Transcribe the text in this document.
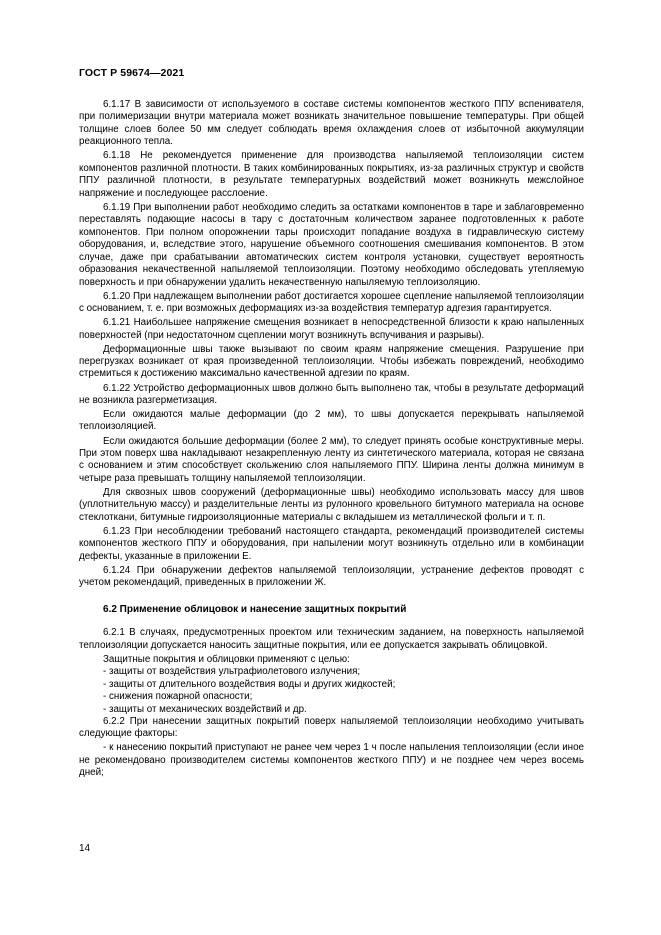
ГОСТ Р 59674—2021

6.1.17 В зависимости от используемого в составе системы компонентов жесткого ППУ вспенивателя, при полимеризации внутри материала может возникать значительное повышение температуры. При общей толщине слоев более 50 мм следует соблюдать время охлаждения слоев от избыточной аккумуляции реакционного тепла.

6.1.18 Не рекомендуется применение для производства напыляемой теплоизоляции систем компонентов различной плотности. В таких комбинированных покрытиях, из-за различных структур и свойств ППУ различной плотности, в результате температурных воздействий может возникнуть межслойное напряжение и последующее расслоение.

6.1.19 При выполнении работ необходимо следить за остатками компонентов в таре и заблаговременно переставлять подающие насосы в тару с достаточным количеством заранее подготовленных к работе компонентов. При полном опорожнении тары происходит попадание воздуха в гидравлическую систему оборудования, и, вследствие этого, нарушение объемного соотношения смешивания компонентов. В этом случае, даже при срабатывании автоматических систем контроля установки, существует вероятность образования некачественной напыляемой теплоизоляции. Поэтому необходимо обследовать утепляемую поверхность и при обнаружении удалить некачественную напыляемую теплоизоляцию.

6.1.20 При надлежащем выполнении работ достигается хорошее сцепление напыляемой теплоизоляции с основанием, т. е. при возможных деформациях из-за воздействия температур адгезия гарантируется.

6.1.21 Наибольшее напряжение смещения возникает в непосредственной близости к краю напыленных поверхностей (при недостаточном сцеплении могут возникнуть вспучивания и разрывы).

Деформационные швы также вызывают по своим краям напряжение смещения. Разрушение при перегрузках возникает от края произведенной теплоизоляции. Чтобы избежать повреждений, необходимо стремиться к достижению максимально качественной адгезии по краям.

6.1.22 Устройство деформационных швов должно быть выполнено так, чтобы в результате деформаций не возникла разгерметизация.

Если ожидаются малые деформации (до 2 мм), то швы допускается перекрывать напыляемой теплоизоляцией.

Если ожидаются большие деформации (более 2 мм), то следует принять особые конструктивные меры. При этом поверх шва накладывают незакрепленную ленту из синтетического материала, которая не связана с основанием и этим способствует скольжению слоя напыляемого ППУ. Ширина ленты должна минимум в четыре раза превышать толщину напыляемой теплоизоляции.

Для сквозных швов сооружений (деформационные швы) необходимо использовать массу для швов (уплотнительную массу) и разделительные ленты из рулонного кровельного битумного материала на основе стеклоткани, битумные гидроизоляционные материалы с вкладышем из металлической фольги и т. п.

6.1.23 При несоблюдении требований настоящего стандарта, рекомендаций производителей системы компонентов жесткого ППУ и оборудования, при напылении могут возникнуть отдельно или в комбинации дефекты, указанные в приложении Е.

6.1.24 При обнаружении дефектов напыляемой теплоизоляции, устранение дефектов проводят с учетом рекомендаций, приведенных в приложении Ж.

6.2 Применение облицовок и нанесение защитных покрытий

6.2.1 В случаях, предусмотренных проектом или техническим заданием, на поверхность напыляемой теплоизоляции допускается наносить защитные покрытия, или ее допускается закрывать облицовкой.

Защитные покрытия и облицовки применяют с целью:

- защиты от воздействия ультрафиолетового излучения;

- защиты от длительного воздействия воды и других жидкостей;

- снижения пожарной опасности;

- защиты от механических воздействий и др.

6.2.2 При нанесении защитных покрытий поверх напыляемой теплоизоляции необходимо учитывать следующие факторы:

- к нанесению покрытий приступают не ранее чем через 1 ч после напыления теплоизоляции (если иное не рекомендовано производителем системы компонентов жесткого ППУ) и не позднее чем через восемь дней;

14
